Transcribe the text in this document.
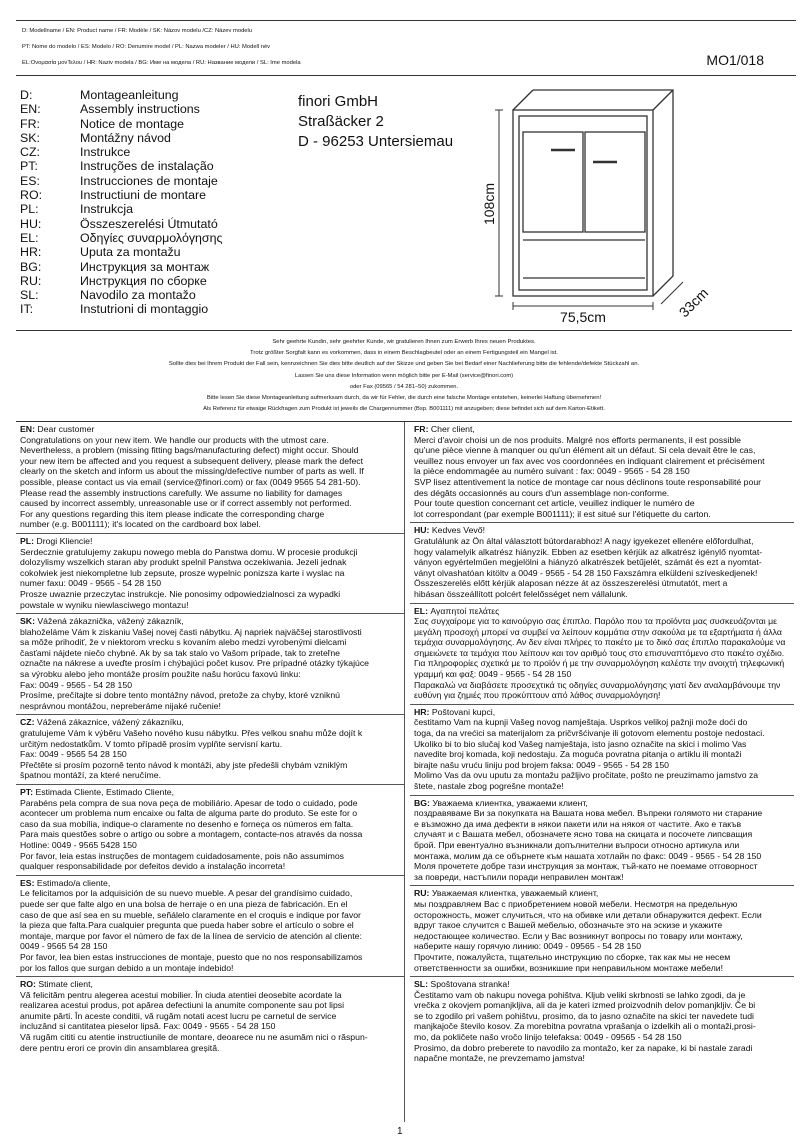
D: Modellname / EN: Product name / FR: Modèle / SK: Názov modelu /CZ: Název modelu
PT: Nome do modelo / ES: Modelo / RO: Denumire model / PL: Nazwa modeler / HU: Modell név
EL:Ονομασία μονΤελου / HR: Naziv modela / BG: Име на модела / RU: Название модели / SL: Ime modela	MO1/018
D:	Montageanleitung
EN:	Assembly instructions
FR:	Notice de montage
SK:	Montážny návod
CZ:	Instrukce
PT:	Instruções de instalação
ES:	Instrucciones de montaje
RO:	Instructiuni de montare
PL:	Instrukcja
HU:	Összeszerelési Útmutató
EL:	Οδηγίες συναρμολόγησης
HR:	Uputa za montažu
BG:	Инструкция за монтаж
RU:	Инструкция по сборке
SL:	Navodilo za montažo
IT:	Instutrioni di montaggio
finori GmbH
Straßäcker 2
D - 96253 Untersiemau
108cm
75,5cm	33cm
Sehr geehrte Kundin, sehr geehrter Kunde, wir gratulieren Ihnen zum Erwerb Ihres neuen Produktes.
Trotz größter Sorgfalt kann es vorkommen, dass in einem Beschlagbeutel oder an einem Fertigungsteil ein Mangel ist.
Sollte dies bei Ihrem Produkt der Fall sein, kennzeichnen Sie dies bitte deutlich auf der Skizze und geben Sie bei Bedarf einer Nachlieferung bitte die fehlende/defekte Stückzahl an.
Lassen Sie uns diese Information wenn möglich bitte per E-Mail (service@finori.com)
oder Fax (09565 / 54 281–50) zukommen.
Bitte lesen Sie diese Montageanleitung aufmerksam durch, da wir für Fehler, die durch eine falsche Montage entstehen, keinerlei Haftung übernehmen!
Als Referenz für etwaige Rückfragen zum Produkt ist jeweils die Chargennummer (Bsp. B001111) mit anzugeben; diese befindet sich auf dem Karton-Etikett.
EN: Dear customer
Congratulations on your new item. We handle our products with the utmost care.
Nevertheless, a problem (missing fitting bags/manufacturing defect) might occur. Should
your new item be affected and you request a subsequent delivery, please mark the defect
clearly on the sketch and inform us about the missing/defective number of parts as well. If
possible, please contact us via email (service@finori.com) or fax (0049 9565 54 281-50).
Please read the assembly instructions carefully. We assume no liability for damages
caused by incorrect assembly, unreasonable use or if correct assembly not performed.
For any questions regarding this item please indicate the corresponding charge
number (e.g. B001111); it's located on the cardboard box label.
PL: Drogi Kliencie!
Serdecznie gratulujemy zakupu nowego mebla do Panstwa domu. W procesie produkcji
dolozylismy wszelkich staran aby produkt spelnil Panstwa oczekiwania. Jezeli jednak
cokolwiek jest niekompletne lub zepsute, prosze wypelnic ponizsza karte i wyslac na
numer faxu: 0049 - 9565 - 54 28 150
Prosze uwaznie przeczytac instrukcje. Nie ponosimy odpowiedzialnosci za wypadki
powstale w wyniku niewlasciwego montazu!
SK: Vážená zákaznička, vážený zákazník,
blahoželáme Vám k ziskaniu Vašej novej časti nábytku. Aj napriek najväčšej starostlivosti
sa môže prihodiť, že v niektorom vrecku s kovaním alebo medzi vyrobenými dielcami
časťami nájdete niečo chybné. Ak by sa tak stalo vo Vašom prípade, tak to zreteľne
označte na nákrese a uveďte prosím i chýbajúci počet kusov. Pre prípadné otázky týkajúce
sa výrobku alebo jeho montáže prosím použite našu horúcu faxovú linku:
Fax: 0049 - 9565 - 54 28 150
Prosíme, prečítajte si dobre tento montážny návod, pretože za chyby, ktoré vzniknú
nesprávnou montážou, nepreberáme nijaké ručenie!
CZ: Vážená zákaznice, vážený zákazníku,
gratulujeme Vám k výběru Vašeho nového kusu nábytku. Přes velkou snahu může dojít k
určitým nedostatkům. V tomto případě prosím vyplňte servisní kartu.
Fax: 0049 - 9565 54 28 150
Přečtěte si prosím pozorně tento návod k montáži, aby jste předešli chybám vzniklým
špatnou montáží, za které neručíme.
PT: Estimada Cliente, Estimado Cliente,
Parabéns pela compra de sua nova peça de mobiliário. Apesar de todo o cuidado, pode
acontecer um problema num encaixe ou falta de alguma parte do produto. Se este for o
caso da sua mobília, indique-o claramente no desenho e forneça os números em falta.
Para mais questões sobre o artigo ou sobre a montagem, contacte-nos através da nossa
Hotline: 0049 - 9565 5428 150
Por favor, leia estas instruções de montagem cuidadosamente, pois não assumimos
qualquer responsabilidade por defeitos devido a instalação incorreta!
ES: Estimado/a cliente,
Le felicitamos por la adquisición de su nuevo mueble. A pesar del grandísimo cuidado,
puede ser que falte algo en una bolsa de herraje o en una pieza de fabricación. En el
caso de que así sea en su mueble, señálelo claramente en el croquis e indique por favor
la pieza que falta.Para cualquier pregunta que pueda haber sobre el artículo o sobre el
montaje, marque por favor el número de fax de la línea de servicio de atención al cliente:
0049 - 9565 54 28 150
Por favor, lea bien estas instrucciones de montaje, puesto que no nos responsabilizamos
por los fallos que surgan debido a un montaje indebido!
RO: Stimate client,
Vă felicităm pentru alegerea acestui mobilier. În ciuda atentiei deosebite acordate la
realizarea acestui produs, pot apărea defectiuni la anumite componente sau pot lipsi
anumite părti. În aceste conditii, vă rugăm notati acest lucru pe carnetul de service
incluzând si cantitatea pieselor lipsă. Fax: 0049 - 9565 - 54 28 150
Vă rugăm cititi cu atentie instructiunile de montare, deoarece nu ne asumăm nici o răspun-
dere pentru erori ce provin din ansamblarea greșită.
FR: Cher client,
Merci d'avoir choisi un de nos produits. Malgré nos efforts permanents, il est possible
qu'une pièce vienne à manquer ou qu'un élément ait un défaut. Si cela devait être le cas,
veuillez nous envoyer un fax avec vos coordonnées en indiquant clairement et précisément
la pièce endommagée au numéro suivant : fax: 0049 - 9565 - 54 28 150
SVP lisez attentivement la notice de montage car nous déclinons toute responsabilité pour
des dégâts occasionnés au cours d'un assemblage non-conforme.
Pour toute question concernant cet article, veuillez indiquer le numéro de
lot correspondant (par exemple B001111); il est situé sur l'étiquette du carton.
HU: Kedves Vevő!
Gratulálunk az Ön által választott bútordarabhoz! A nagy igyekezet ellenére előfordulhat,
hogy valamelyik alkatrész hiányzik. Ebben az esetben kérjük az alkatrész igénylő nyomtat-
ványon egyértelműen megjelölni a hiányzó alkatrészek betűjelét, számát és ezt a nyomtat-
ványt olvashatóan kitöltv a 0049 - 9565 - 54 28 150 Faxszámra elküldeni szíveskedjenek!
Összeszerelés előtt kérjük alaposan nézze át az összeszerelési útmutatót, mert a
hibásan összeállított polcért felelősséget nem vállalunk.
EL: Αγαπητοί πελάτες
Σας συγχαίρομε για το καινούργιο σας έπιπλο. Παρόλο που τα προϊόντα μας συσκευάζονται με
μεγάλη προσοχή μπορεί να συμβεί να λείπουν κομμάτια στην σακούλα με τα εξαρτήματα ή άλλα
τεμάχια συναρμολόγησης. Αν δεν είναι πλήρες το πακέτο με το δικό σας έπιπλο παρακαλούμε να
σημειώνετε τα τεμάχια που λείπουν και τον αριθμό τους στο επισυναπτόμενο στο πακέτο σχέδιο.
Για πληροφορίες σχετικά με το προϊόν ή με την συναρμολόγηση καλέστε την ανοιχτή τηλεφωνική
γραμμή και φαξ: 0049 - 9565 - 54 28 150
Παρακαλώ να διαβάσετε προσεχτικά τις οδηγίες συναρμολόγησης γιατί δεν αναλαμβάνουμε την
ευθύνη για ζημιές που προκύπτουν από λάθος συναρμολόγηση!
HR: Poštovani kupci,
čestitamo Vam na kupnji Vašeg novog namještaja. Usprkos velikoj pažnji može doći do
toga, da na vrećici sa materijalom za pričvršćivanje ili gotovom elementu postoje nedostaci.
Ukoliko bi to bio slučaj kod Vašeg namještaja, isto jasno označite na skici i molimo Vas
navedite broj komada, koji nedostaju. Za moguća povratna pitanja o artiklu ili montaži
birajte našu vruću liniju pod brojem faksa: 0049 - 9565 - 54 28 150
Molimo Vas da ovu uputu za montažu pažljivo pročitate, pošto ne preuzimamo jamstvo za
štete, nastale zbog pogrešne montaže!
BG: Уважаема клиентка, уважаеми клиент,
поздравяваме Ви за покупката на Вашата нова мебел. Въпреки голямото ни старание
е възможно да има дефекти в някои пакети или на някоя от частите. Ако е такъв
случаят и с Вашата мебел, обозначете ясно това на скицата и посочете липсващия
брой. При евентуално възникнали допълнителни въпроси относно артикула или
монтажа, молим да се обърнете към нашата хотлайн по факс: 0049 - 9565 - 54 28 150
Моля прочетете добре тази инструкция за монтаж, тъй-като не поемаме отговорност
за повреди, настъпили поради неправилен монтаж!
RU: Уважаемая клиентка, уважаемый клиент,
мы поздравляем Вас с приобретением новой мебели. Несмотря на предельную
осторожность, может случиться, что на обивке или детали обнаружится дефект. Если
вдруг такое случится с Вашей мебелью, обозначьте это на эскизе и укажите
недостающее количество. Если у Вас возникнут вопросы по товару или монтажу,
наберите нашу горячую линию: 0049 - 09565 - 54 28 150
Прочтите, пожалуйста, тщательно инструкцию по сборке, так как мы не несем
ответственности за ошибки, возникшие при неправильном монтаже мебели!
SL: Spoštovana stranka!
Čestitamo vam ob nakupu novega pohištva. Kljub veliki skrbnosti se lahko zgodi, da je
vrečka z okovjem pomanjkljiva, ali da je kateri izmed proizvodnih delov pomanjkljiv. Če bi
se to zgodilo pri vašem pohištvu, prosimo, da to jasno označite na skici ter navedete tudi
manjkajoče število kosov. Za morebitna povratna vprašanja o izdelkih ali o montaži,prosi-
mo, da pokličete našo vročo linijo telefaksa: 0049 - 09565 - 54 28 150
Prosimo, da dobro preberete to navodilo za montažo, ker za napake, ki bi nastale zaradi
napačne montaže, ne prevzemamo jamstva!
1
